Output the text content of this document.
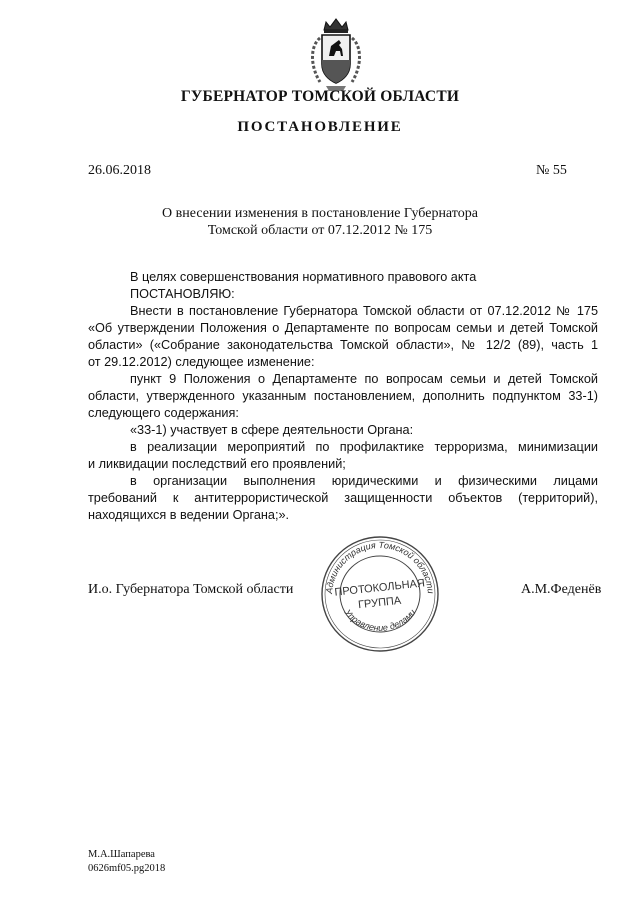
ГУБЕРНАТОР ТОМСКОЙ ОБЛАСТИ
ПОСТАНОВЛЕНИЕ
26.06.2018	№ 55
О внесении изменения в постановление Губернатора
Томской области от 07.12.2012 № 175
В целях совершенствования нормативного правового акта
ПОСТАНОВЛЯЮ:
Внести в постановление Губернатора Томской области от 07.12.2012 № 175
«Об утверждении Положения о Департаменте по вопросам семьи и детей Томской
области» («Собрание законодательства Томской области», № 12/2 (89), часть 1
от 29.12.2012) следующее изменение:
пункт 9 Положения о Департаменте по вопросам семьи и детей Томской
области, утвержденного указанным постановлением, дополнить подпунктом 33-1)
следующего содержания:
«33-1) участвует в сфере деятельности Органа:
в реализации мероприятий по профилактике терроризма, минимизации
и ликвидации последствий его проявлений;
в организации выполнения юридическими и физическими лицами
требований к антитеррористической защищенности объектов (территорий),
находящихся в ведении Органа;».
Администрация Томской области
Управление делами
ПРОТОКОЛЬНАЯ
ГРУППА
И.о. Губернатора Томской области	А.М.Феденёв
М.А.Шапарева
0626mf05.pg2018
